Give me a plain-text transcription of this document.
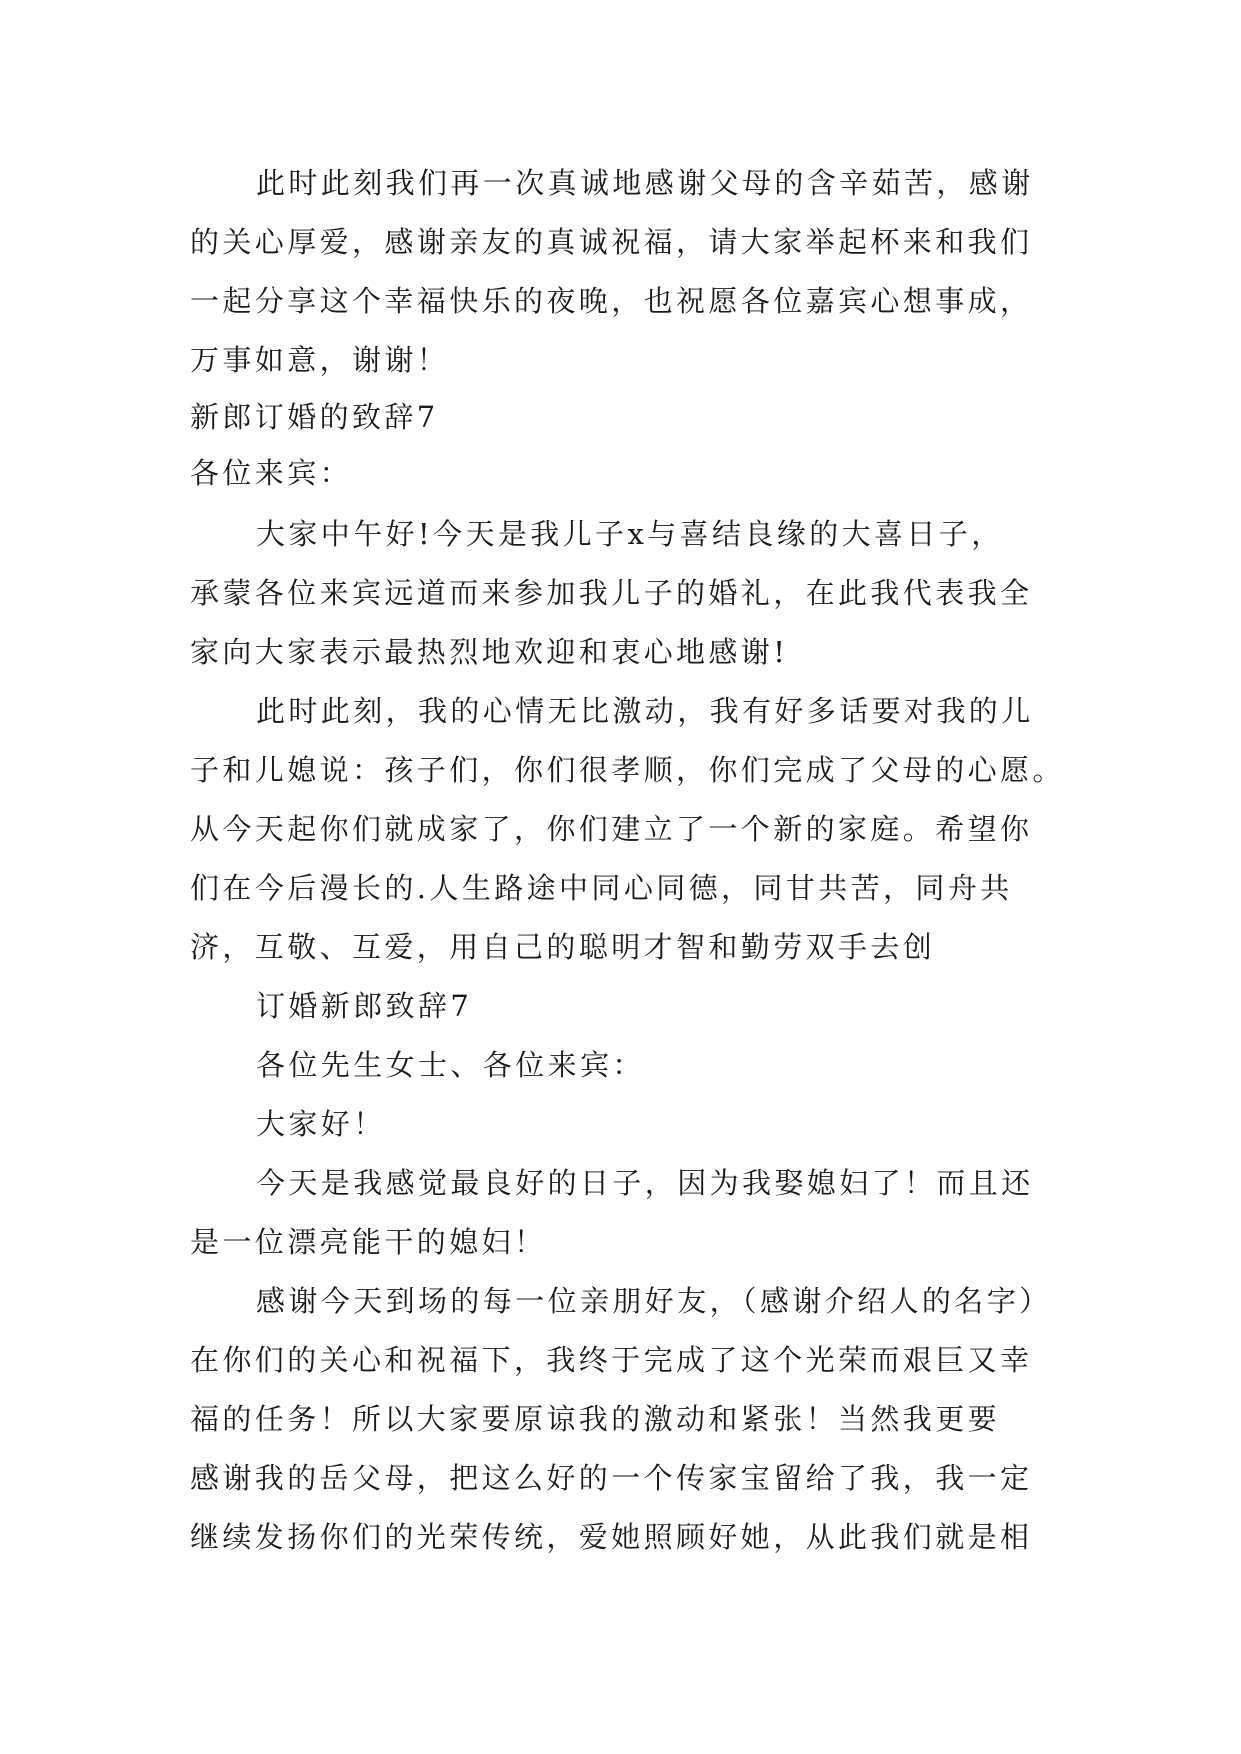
此时此刻我们再一次真诚地感谢父母的含辛茹苦，感谢
的关心厚爱，感谢亲友的真诚祝福，请大家举起杯来和我们
一起分享这个幸福快乐的夜晚，也祝愿各位嘉宾心想事成，
万事如意，谢谢！
新郎订婚的致辞7
各位来宾：
大家中午好!今天是我儿子x与喜结良缘的大喜日子，
承蒙各位来宾远道而来参加我儿子的婚礼，在此我代表我全
家向大家表示最热烈地欢迎和衷心地感谢!
此时此刻，我的心情无比激动，我有好多话要对我的儿
子和儿媳说：孩子们，你们很孝顺，你们完成了父母的心愿。
从今天起你们就成家了，你们建立了一个新的家庭。希望你
们在今后漫长的.人生路途中同心同德，同甘共苦，同舟共
济，互敬、互爱，用自己的聪明才智和勤劳双手去创
订婚新郎致辞7
各位先生女士、各位来宾：
大家好！
今天是我感觉最良好的日子，因为我娶媳妇了！而且还
是一位漂亮能干的媳妇！
感谢今天到场的每一位亲朋好友，（感谢介绍人的名字）
在你们的关心和祝福下，我终于完成了这个光荣而艰巨又幸
福的任务！所以大家要原谅我的激动和紧张！当然我更要
感谢我的岳父母，把这么好的一个传家宝留给了我，我一定
继续发扬你们的光荣传统，爱她照顾好她，从此我们就是相
